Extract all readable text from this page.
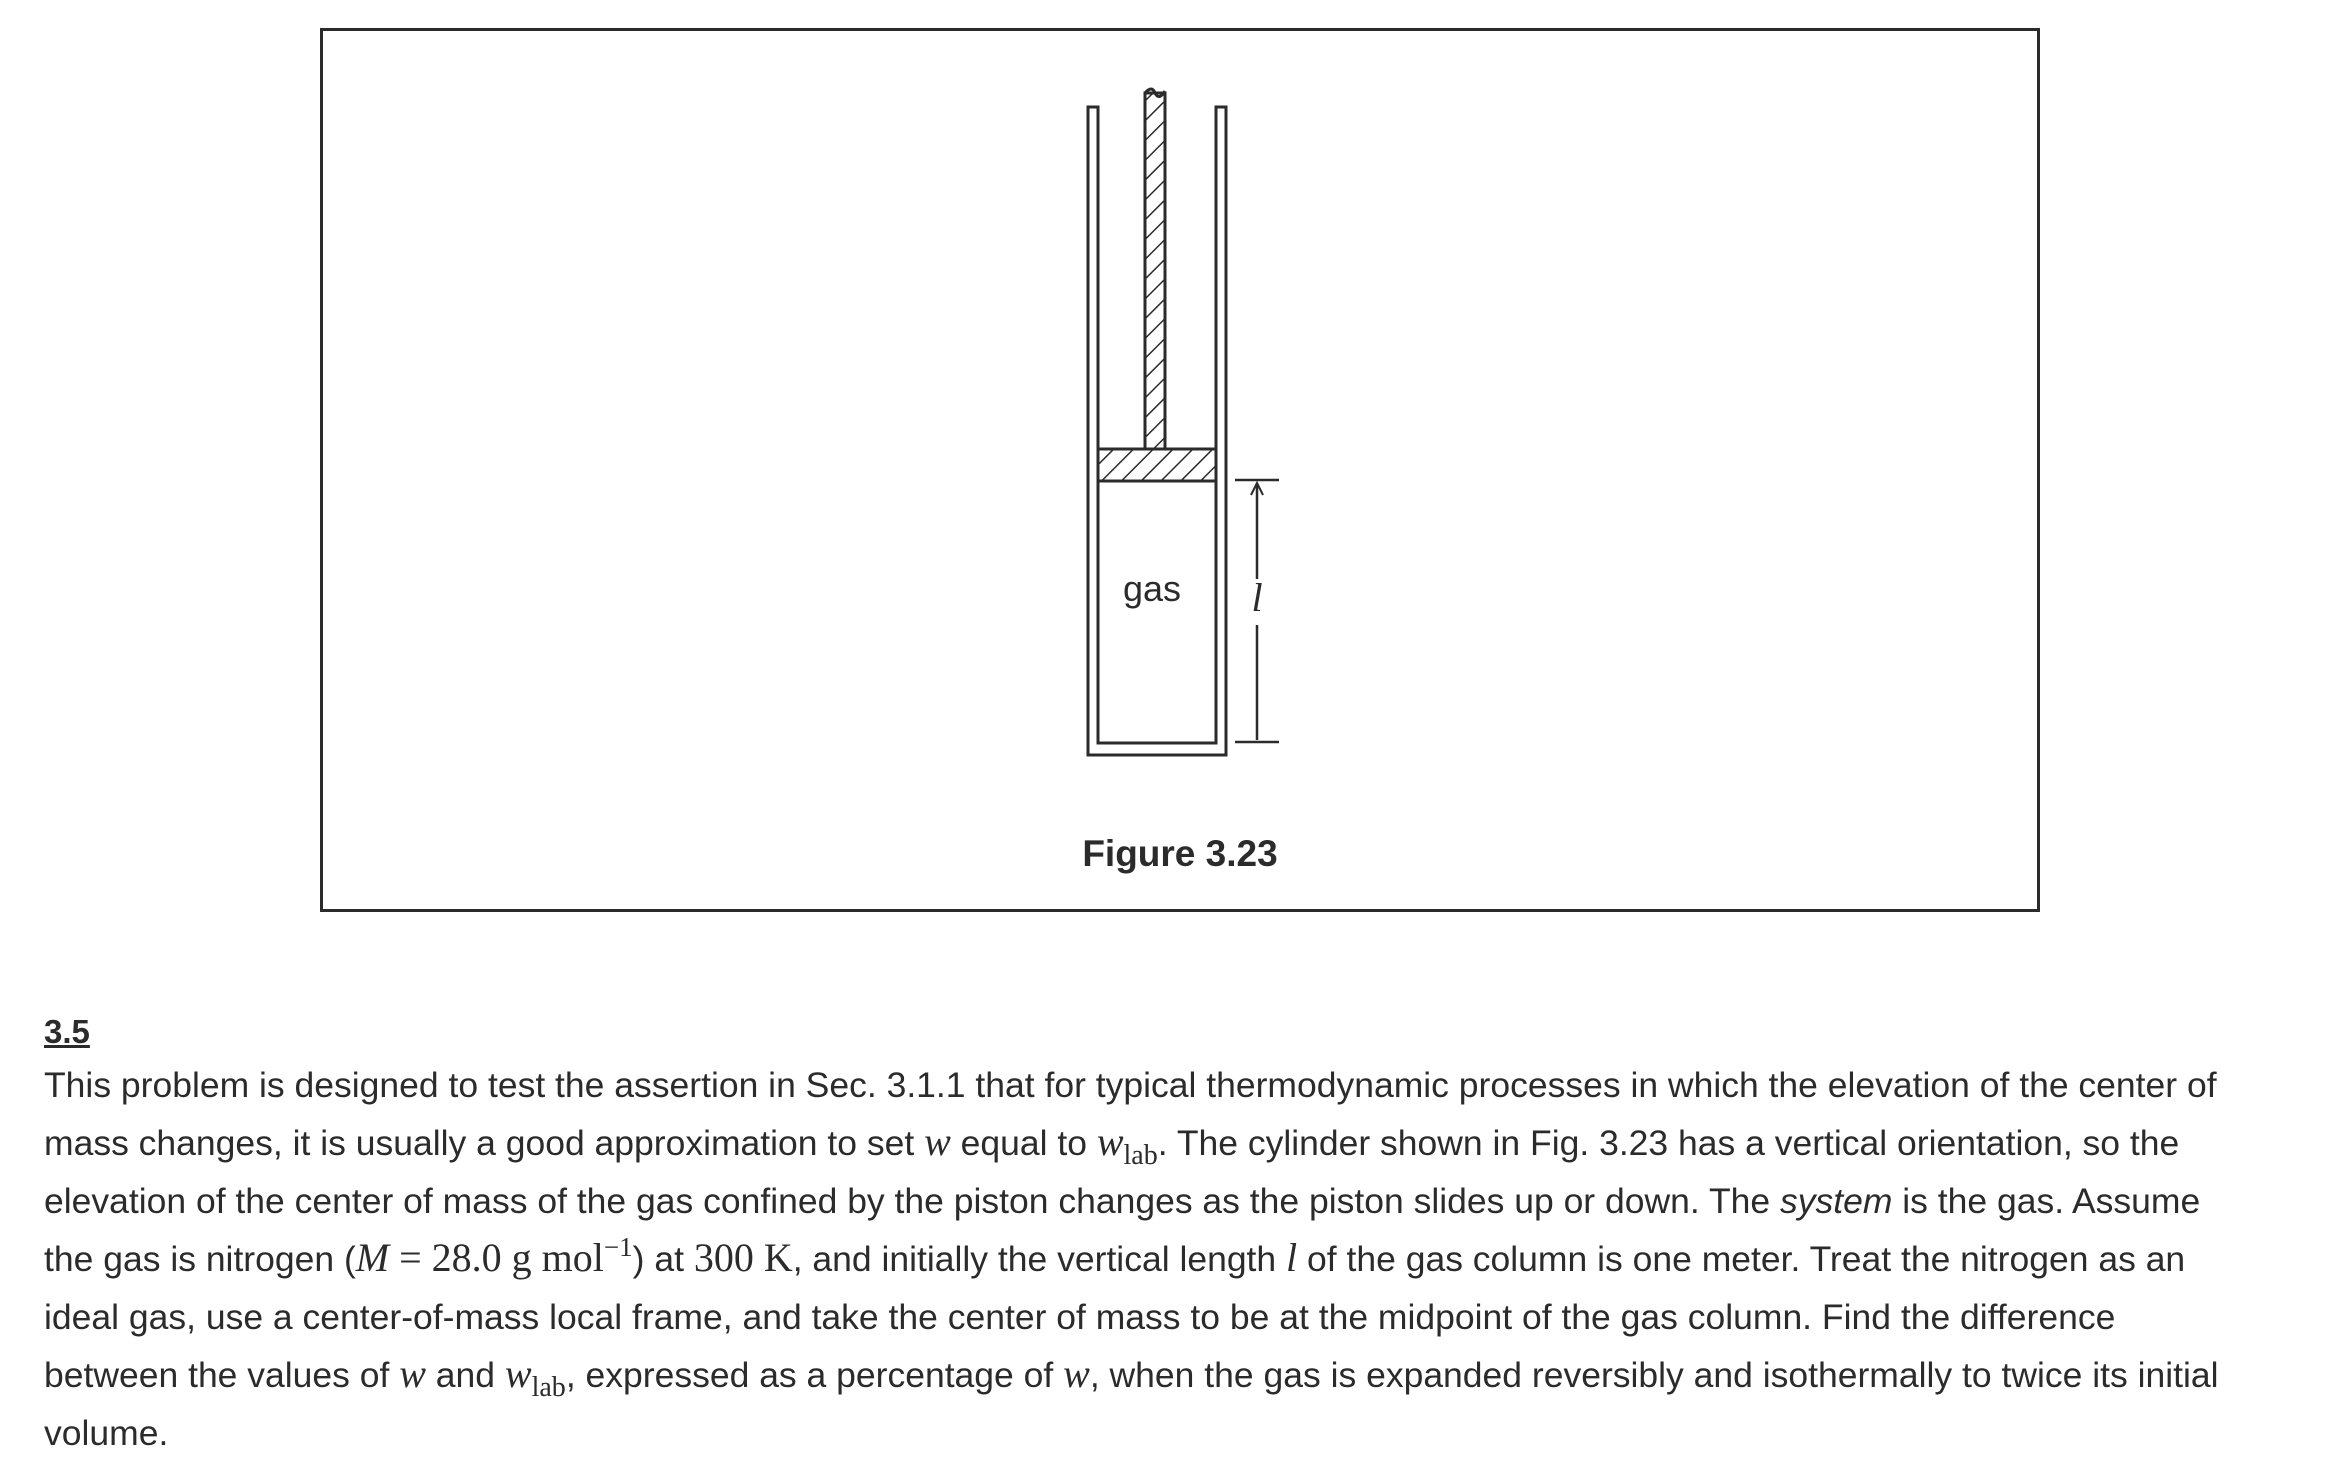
gas l
Figure 3.23
3.5
This problem is designed to test the assertion in Sec. 3.1.1 that for typical thermodynamic processes in which the elevation of the center of
mass changes, it is usually a good approximation to set w equal to $w_{lab}$. The cylinder shown in Fig. 3.23 has a vertical orientation, so the
elevation of the center of mass of the gas confined by the piston changes as the piston slides up or down. The system is the gas. Assume
the gas is nitrogen (M = 28.0 g mol$^{-1}$) at 300 K, and initially the vertical length l of the gas column is one meter. Treat the nitrogen as an
ideal gas, use a center-of-mass local frame, and take the center of mass to be at the midpoint of the gas column. Find the difference
between the values of w and $w_{lab}$, expressed as a percentage of w, when the gas is expanded reversibly and isothermally to twice its initial
volume.
